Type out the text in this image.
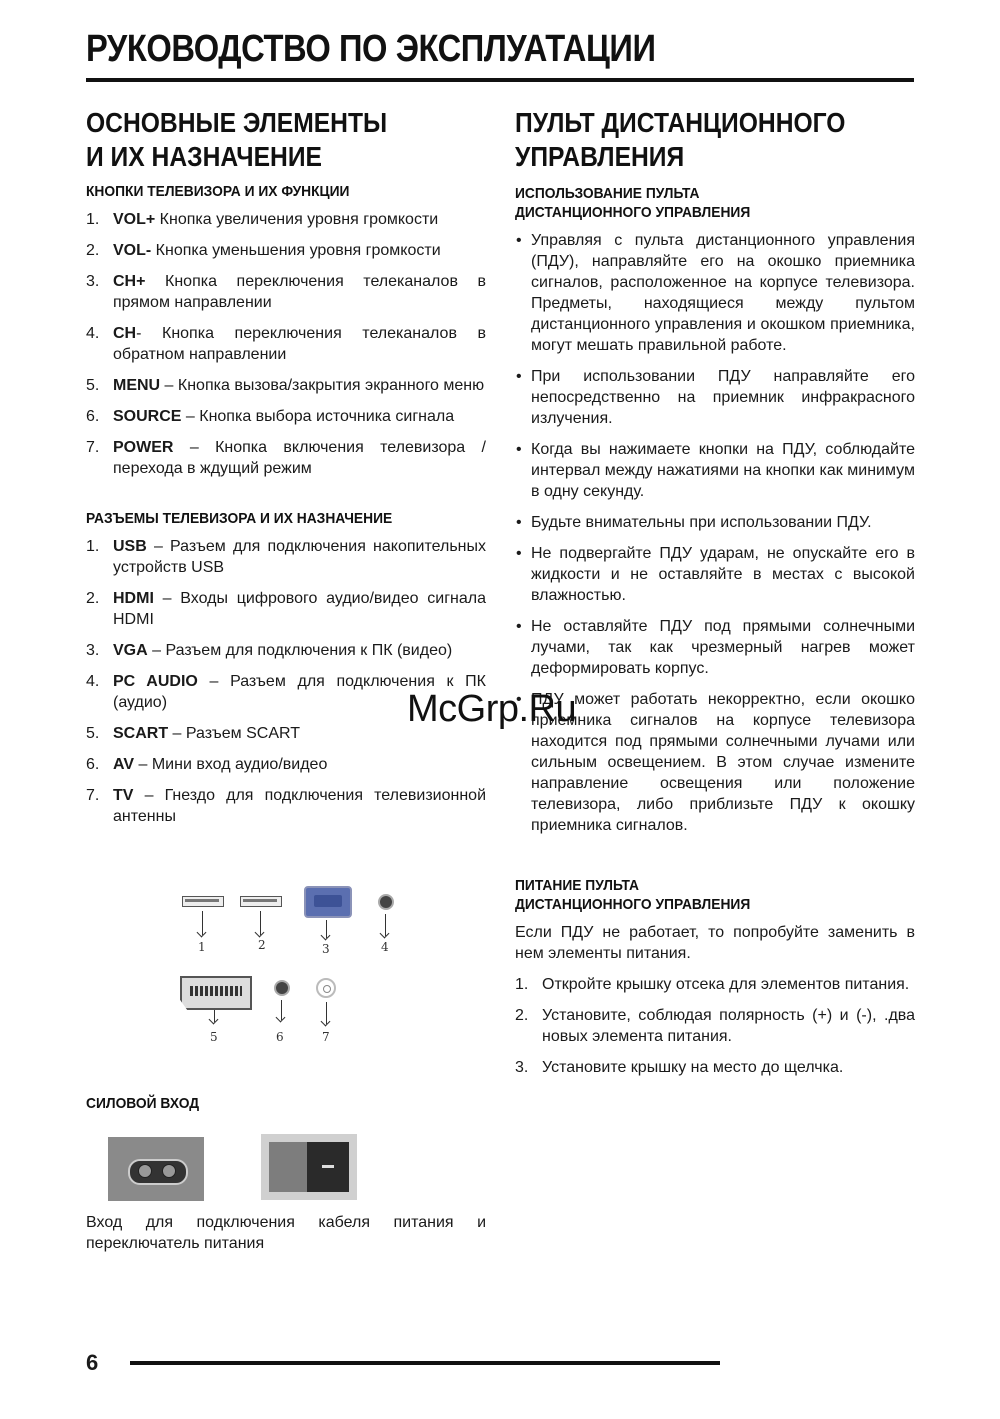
РУКОВОДСТВО ПО ЭКСПЛУАТАЦИИ
ОСНОВНЫЕ ЭЛЕМЕНТЫ
И ИХ НАЗНАЧЕНИЕ
КНОПКИ ТЕЛЕВИЗОРА И ИХ ФУНКЦИИ
1. VOL+ Кнопка увеличения уровня громкости
2. VOL- Кнопка уменьшения уровня громкости
3. CH+ Кнопка переключения телеканалов в прямом направлении
4. CH- Кнопка переключения телеканалов в обратном направлении
5. MENU – Кнопка вызова/закрытия экранного меню
6. SOURCE – Кнопка выбора источника сигнала
7. POWER – Кнопка включения телевизора / перехода в ждущий режим
РАЗЪЕМЫ ТЕЛЕВИЗОРА И ИХ НАЗНАЧЕНИЕ
1. USB – Разъем для подключения накопительных устройств USB
2. HDMI – Входы цифрового аудио/видео сигнала HDMI
3. VGA – Разъем для подключения к ПК (видео)
4. PC AUDIO – Разъем для подключения к ПК (аудио)
5. SCART – Разъем SCART
6. AV – Мини вход аудио/видео
7. TV – Гнездо для подключения телевизионной антенны
1	2	3	4
5	6	7
СИЛОВОЙ ВХОД
Вход для подключения кабеля питания и переключатель питания
ПУЛЬТ ДИСТАНЦИОННОГО
УПРАВЛЕНИЯ
ИСПОЛЬЗОВАНИЕ ПУЛЬТА
ДИСТАНЦИОННОГО УПРАВЛЕНИЯ
• Управляя с пульта дистанционного управления (ПДУ), направляйте его на окошко приемника сигналов, расположенное на корпусе телевизора. Предметы, находящиеся между пультом дистанционного управления и окошком приемника, могут мешать правильной работе.
• При использовании ПДУ направляйте его непосредственно на приемник инфракрасного излучения.
• Когда вы нажимаете кнопки на ПДУ, соблюдайте интервал между нажатиями на кнопки как минимум в одну секунду.
• Будьте внимательны при использовании ПДУ.
• Не подвергайте ПДУ ударам, не опускайте его в жидкости и не оставляйте в местах с высокой влажностью.
• Не оставляйте ПДУ под прямыми солнечными лучами, так как чрезмерный нагрев может деформировать корпус.
• ПДУ может работать некорректно, если окошко приемника сигналов на корпусе телевизора находится под прямыми солнечными лучами или сильным освещением. В этом случае измените направление освещения или положение телевизора, либо приблизьте ПДУ к окошку приемника сигналов.
ПИТАНИЕ ПУЛЬТА
ДИСТАНЦИОННОГО УПРАВЛЕНИЯ
Если ПДУ не работает, то попробуйте заменить в нем элементы питания.
1. Откройте крышку отсека для элементов питания.
2. Установите, соблюдая полярность (+) и (-), .два новых элемента питания.
3. Установите крышку на место до щелчка.
McGrp.Ru
6
